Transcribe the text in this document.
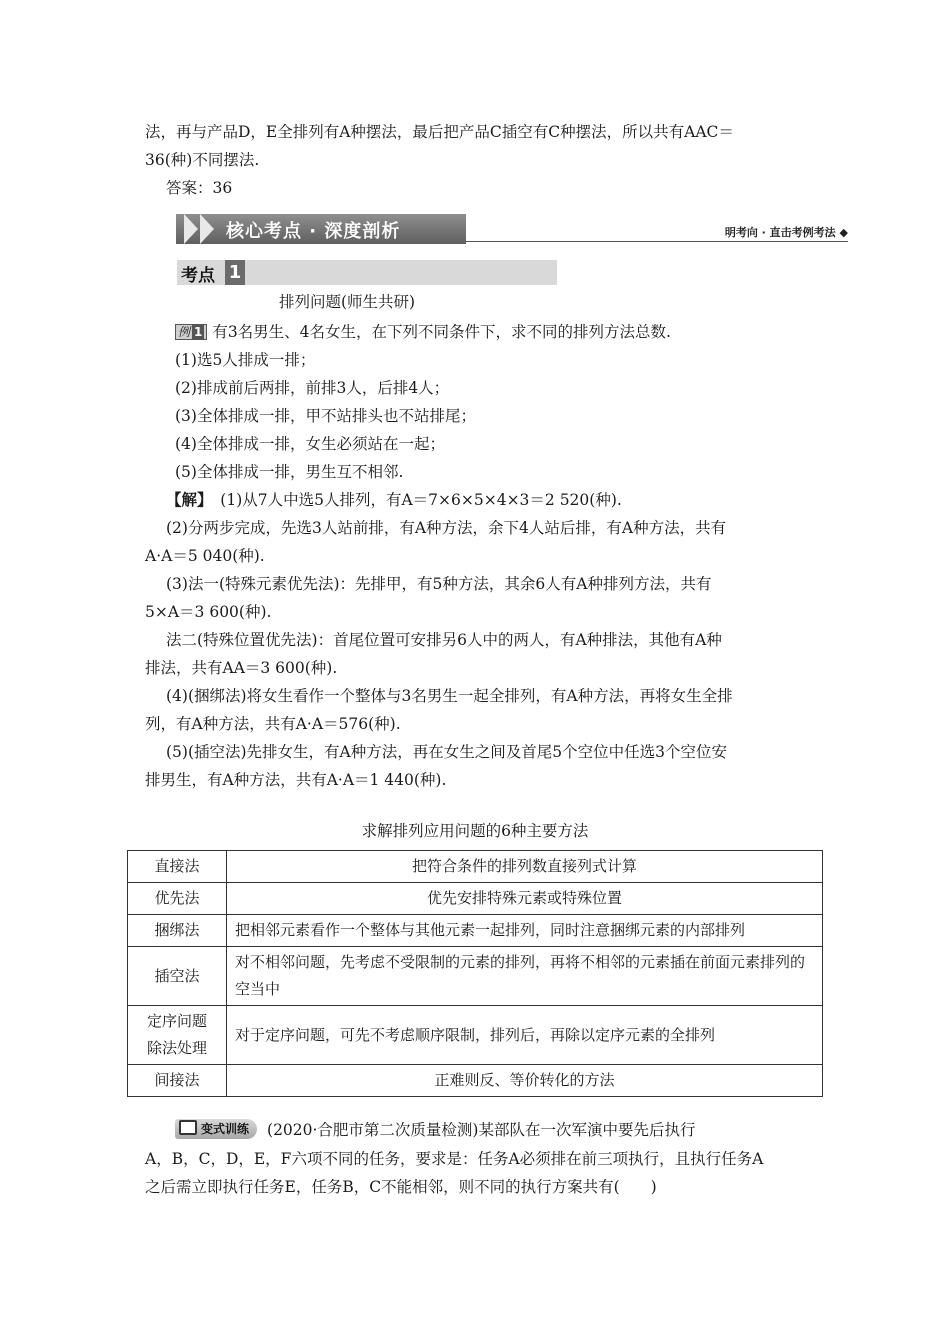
法，再与产品D，E全排列有A种摆法，最后把产品C插空有C种摆法，所以共有AAC＝

36(种)不同摆法.

答案：36

核心考点 · 深度剖析	明考向 · 直击考例考法 ◆
考点 1

排列问题(师生共研)

例 1 有3名男生、4名女生，在下列不同条件下，求不同的排列方法总数.

(1)选5人排成一排；

(2)排成前后两排，前排3人，后排4人；

(3)全体排成一排，甲不站排头也不站排尾；

(4)全体排成一排，女生必须站在一起；

(5)全体排成一排，男生互不相邻.

【解】　 (1)从7人中选5人排列，有A＝7×6×5×4×3＝2 520(种).

(2)分两步完成，先选3人站前排，有A种方法，余下4人站后排，有A种方法，共有

A·A＝5 040(种).

(3)法一(特殊元素优先法)：先排甲，有5种方法，其余6人有A种排列方法，共有

5×A＝3 600(种).

法二(特殊位置优先法)：首尾位置可安排另6人中的两人，有A种排法，其他有A种

排法，共有AA＝3 600(种).

(4)(捆绑法)将女生看作一个整体与3名男生一起全排列，有A种方法，再将女生全排

列，有A种方法，共有A·A＝576(种).

(5)(插空法)先排女生，有A种方法，再在女生之间及首尾5个空位中任选3个空位安

排男生，有A种方法，共有A·A＝1 440(种).

求解排列应用问题的6种主要方法
直接法	把符合条件的排列数直接列式计算
优先法	优先安排特殊元素或特殊位置
捆绑法	把相邻元素看作一个整体与其他元素一起排列，同时注意捆绑元素的内部排列
插空法	对不相邻问题，先考虑不受限制的元素的排列，再将不相邻的元素插在前面元素排列的空当中
定序问题
除法处理	对于定序问题，可先不考虑顺序限制，排列后，再除以定序元素的全排列
间接法	正难则反、等价转化的方法

变式训练 (2020·合肥市第二次质量检测)某部队在一次军演中要先后执行

A，B，C，D，E，F六项不同的任务，要求是：任务A必须排在前三项执行，且执行任务A

之后需立即执行任务E，任务B，C不能相邻，则不同的执行方案共有(　　)
